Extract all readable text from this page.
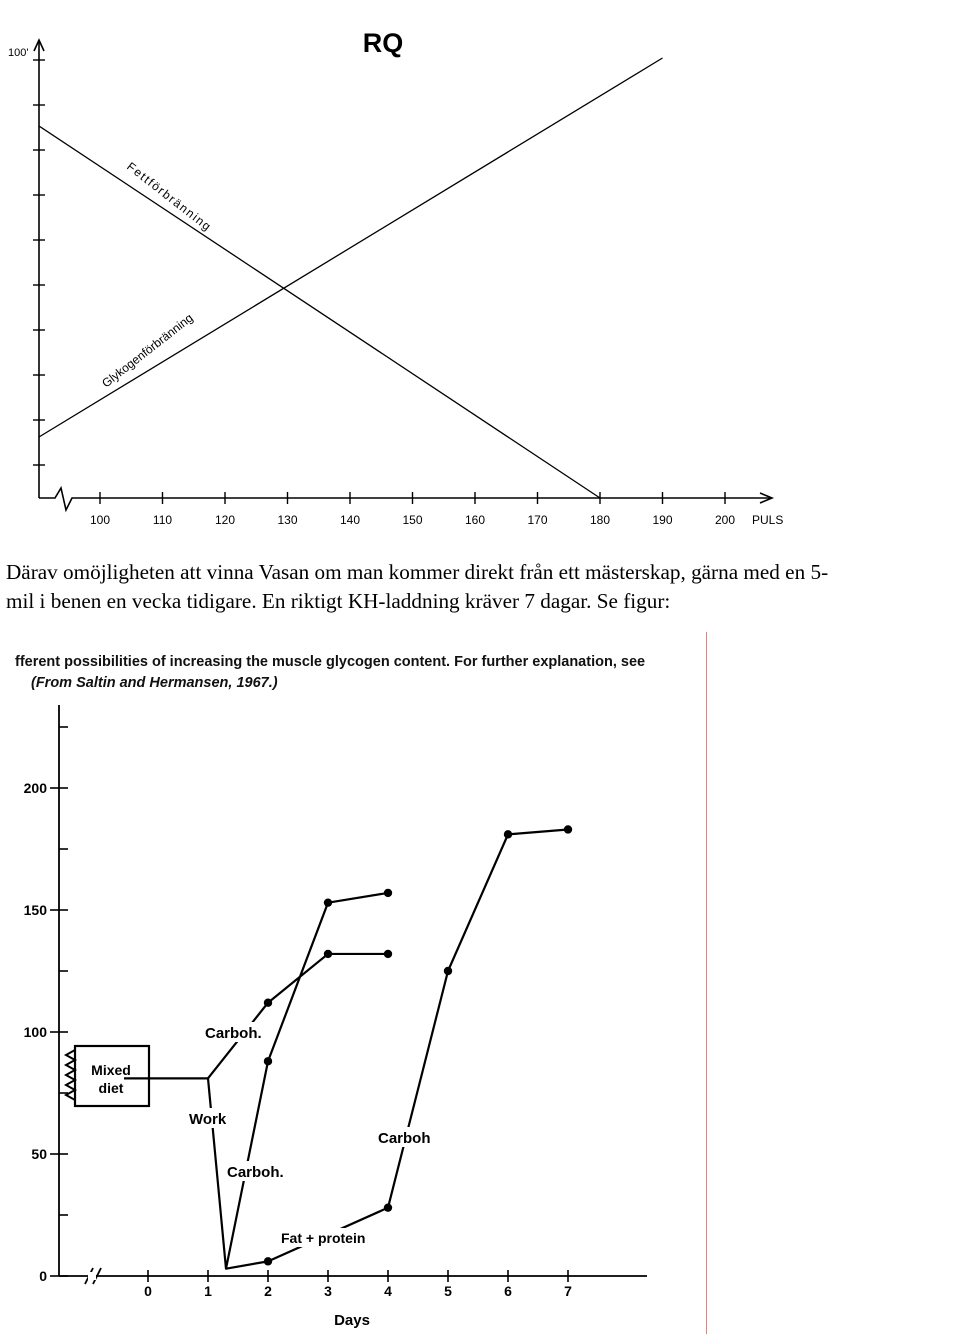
RQ
100'
100	110	120	130	140	150	160	170	180	190	200 PULS
Fettförbränning
Glykogenförbränning

Därav omöjligheten att vinna Vasan om man kommer direkt från ett mästerskap, gärna med en 5-

mil i benen en vecka tidigare. En riktigt KH-laddning kräver 7 dagar. Se figur:

fferent possibilities of increasing the muscle glycogen content. For further explanation, see

(From Saltin and Hermansen, 1967.)

0
50
100
150
200
0	1	2	3	4	5	6	7
Days
Mixed
diet
Carboh.
Work
Carboh.
Carboh
Fat + protein
